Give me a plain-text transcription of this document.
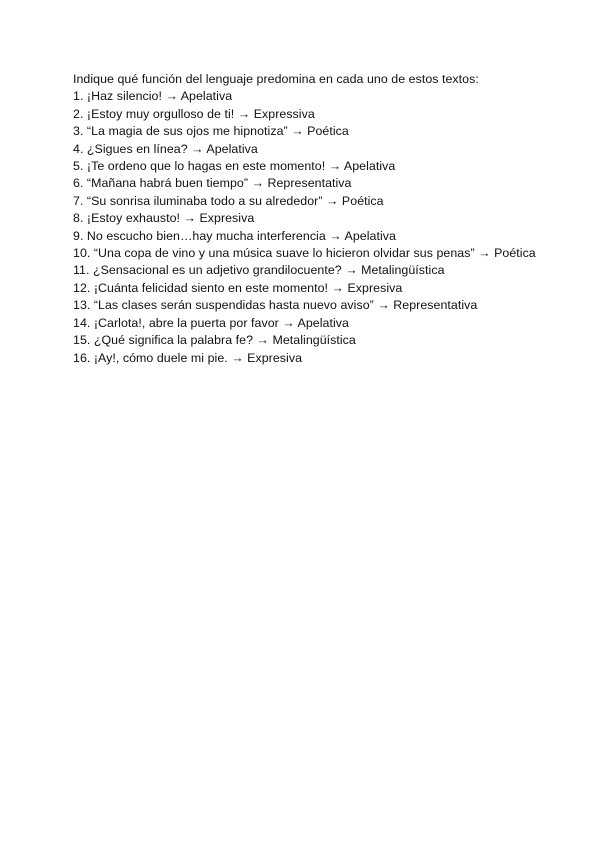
Indique qué función del lenguaje predomina en cada uno de estos textos:

1. ¡Haz silencio! → Apelativa

2. ¡Estoy muy orgulloso de ti! → Expressiva

3. “La magia de sus ojos me hipnotiza” → Poética

4. ¿Sigues en línea? → Apelativa

5. ¡Te ordeno que lo hagas en este momento! → Apelativa

6. “Mañana habrá buen tiempo” → Representativa

7. “Su sonrisa iluminaba todo a su alrededor” → Poética

8. ¡Estoy exhausto! → Expresiva

9. No escucho bien…hay mucha interferencia → Apelativa

10. “Una copa de vino y una música suave lo hicieron olvidar sus penas” → Poética

11. ¿Sensacional es un adjetivo grandilocuente? → Metalingüística

12. ¡Cuánta felicidad siento en este momento! → Expresiva

13. “Las clases serán suspendidas hasta nuevo aviso” → Representativa

14. ¡Carlota!, abre la puerta por favor → Apelativa

15. ¿Qué significa la palabra fe? → Metalingüística

16. ¡Ay!, cómo duele mi pie. → Expresiva
